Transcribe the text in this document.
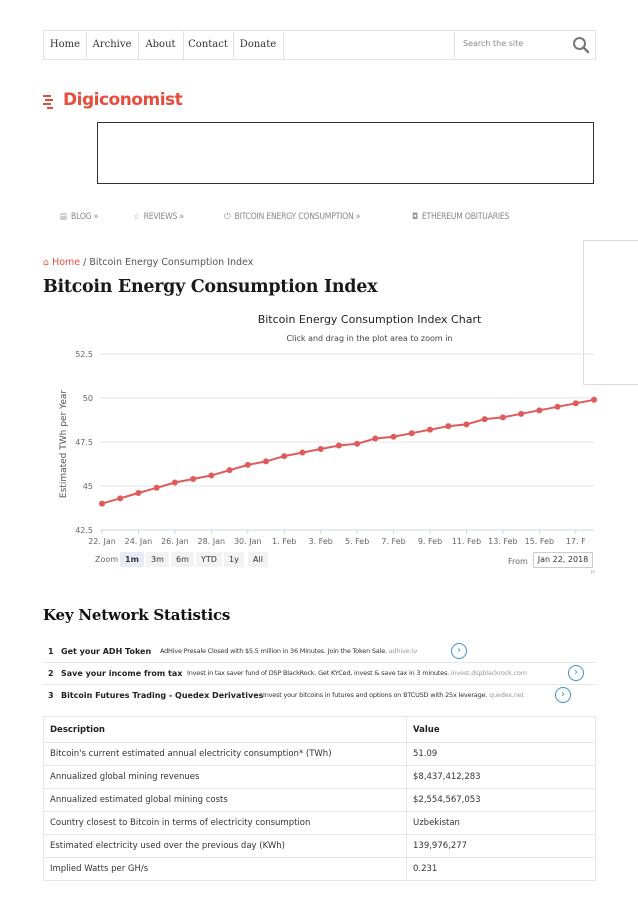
Home	Archive	About	Contact	Donate	Search the site
Digiconomist
▤ BLOG »	☆ REVIEWS »	⏻ BITCOIN ENERGY CONSUMPTION »	◘ ETHEREUM OBITUARIES
⌂ Home / Bitcoin Energy Consumption Index
Bitcoin Energy Consumption Index
Bitcoin Energy Consumption Index Chart
Click and drag in the plot area to zoom in
42.5
45
47.5
50
52.5
22. Jan 24. Jan 26. Jan 28. Jan 30. Jan 1. Feb 3. Feb 5. Feb 7. Feb 9. Feb 11. Feb 13. Feb 15. Feb 17. F
Estimated TWh per Year
Zoom 1m	3m	6m	YTD	1y	All	From	Jan 22, 2018
H
Key Network Statistics
1 Get your ADH Token AdHive Presale Closed with $5.5 million in 36 Minutes. Join the Token Sale. adhive.tv	›
2 Save your income from tax Invest in tax saver fund of DSP BlackRock. Get KYCed, invest & save tax in 3 minutes. invest.dspblackrock.com	›
3 Bitcoin Futures Trading - Quedex Derivatives Invest your bitcoins in futures and options on BTCUSD with 25x leverage. quedex.net	›
Description	Value
Bitcoin's current estimated annual electricity consumption* (TWh)	51.09
Annualized global mining revenues	$8,437,412,283
Annualized estimated global mining costs	$2,554,567,053
Country closest to Bitcoin in terms of electricity consumption	Uzbekistan
Estimated electricity used over the previous day (KWh)	139,976,277
Implied Watts per GH/s	0.231
